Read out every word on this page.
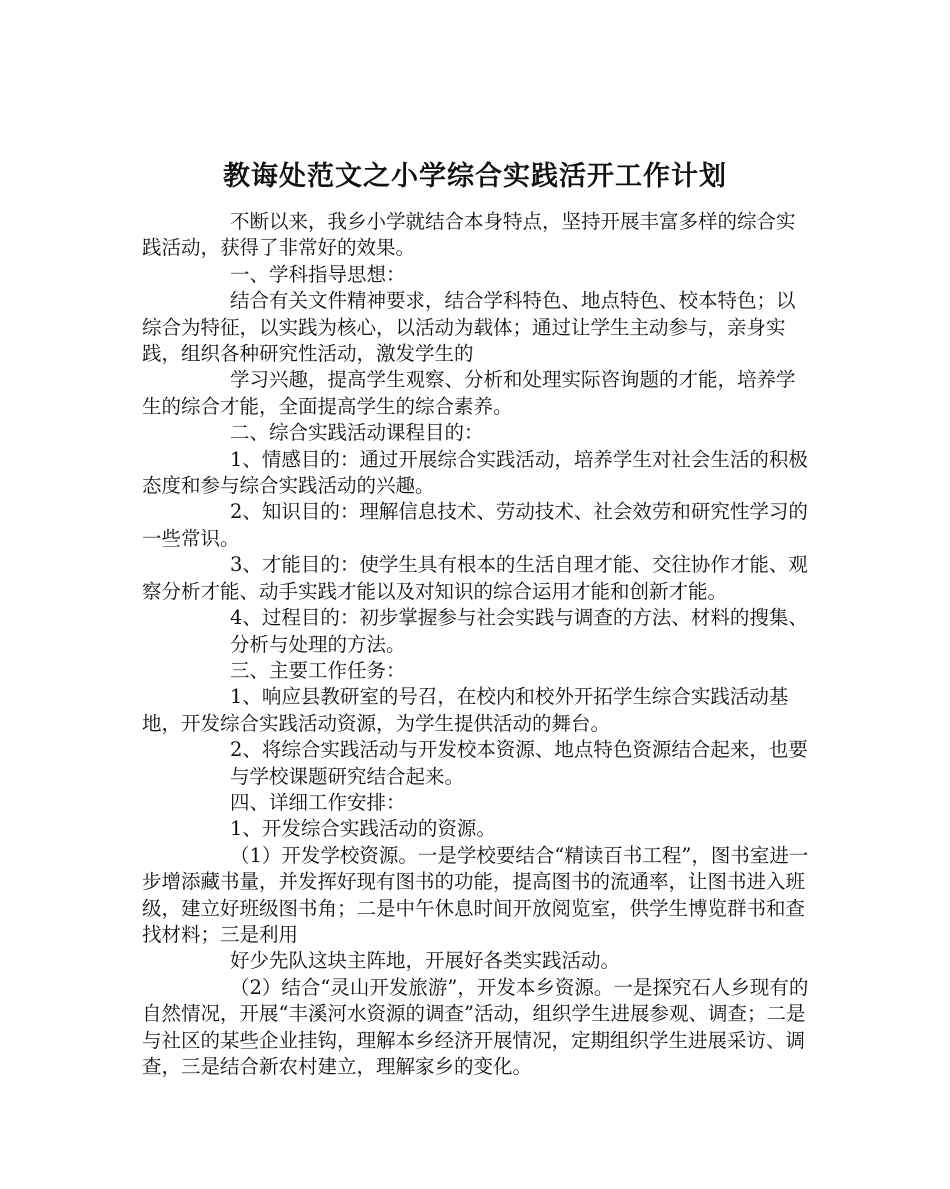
教诲处范文之小学综合实践活开工作计划

不断以来，我乡小学就结合本身特点，坚持开展丰富多样的综合实践活动，获得了非常好的效果。

一、学科指导思想：

结合有关文件精神要求，结合学科特色、地点特色、校本特色；以综合为特征，以实践为核心，以活动为载体；通过让学生主动参与，亲身实践，组织各种研究性活动，激发学生的

学习兴趣，提高学生观察、分析和处理实际咨询题的才能，培养学生的综合才能，全面提高学生的综合素养。

二、综合实践活动课程目的：

1、情感目的：通过开展综合实践活动，培养学生对社会生活的积极态度和参与综合实践活动的兴趣。

2、知识目的：理解信息技术、劳动技术、社会效劳和研究性学习的一些常识。

3、才能目的：使学生具有根本的生活自理才能、交往协作才能、观　　察分析才能、动手实践才能以及对知识的综合运用才能和创新才能。

4、过程目的：初步掌握参与社会实践与调查的方法、材料的搜集、分析与处理的方法。

三、主要工作任务：

1、响应县教研室的号召，在校内和校外开拓学生综合实践活动基地，开发综合实践活动资源，为学生提供活动的舞台。

2、将综合实践活动与开发校本资源、地点特色资源结合起来，也要与学校课题研究结合起来。

四、详细工作安排：

1、开发综合实践活动的资源。

（1）开发学校资源。一是学校要结合“精读百书工程”，图书室进一步增添藏书量，并发挥好现有图书的功能，提高图书的流通率，让图书进入班级，建立好班级图书角；二是中午休息时间开放阅览室，供学生博览群书和查找材料；三是利用

好少先队这块主阵地，开展好各类实践活动。

（2）结合“灵山开发旅游”，开发本乡资源。一是探究石人乡现有的自然情况，开展“丰溪河水资源的调查”活动，组织学生进展参观、调查；二是与社区的某些企业挂钩，理解本乡经济开展情况，定期组织学生进展采访、调查，三是结合新农村建立，理解家乡的变化。
